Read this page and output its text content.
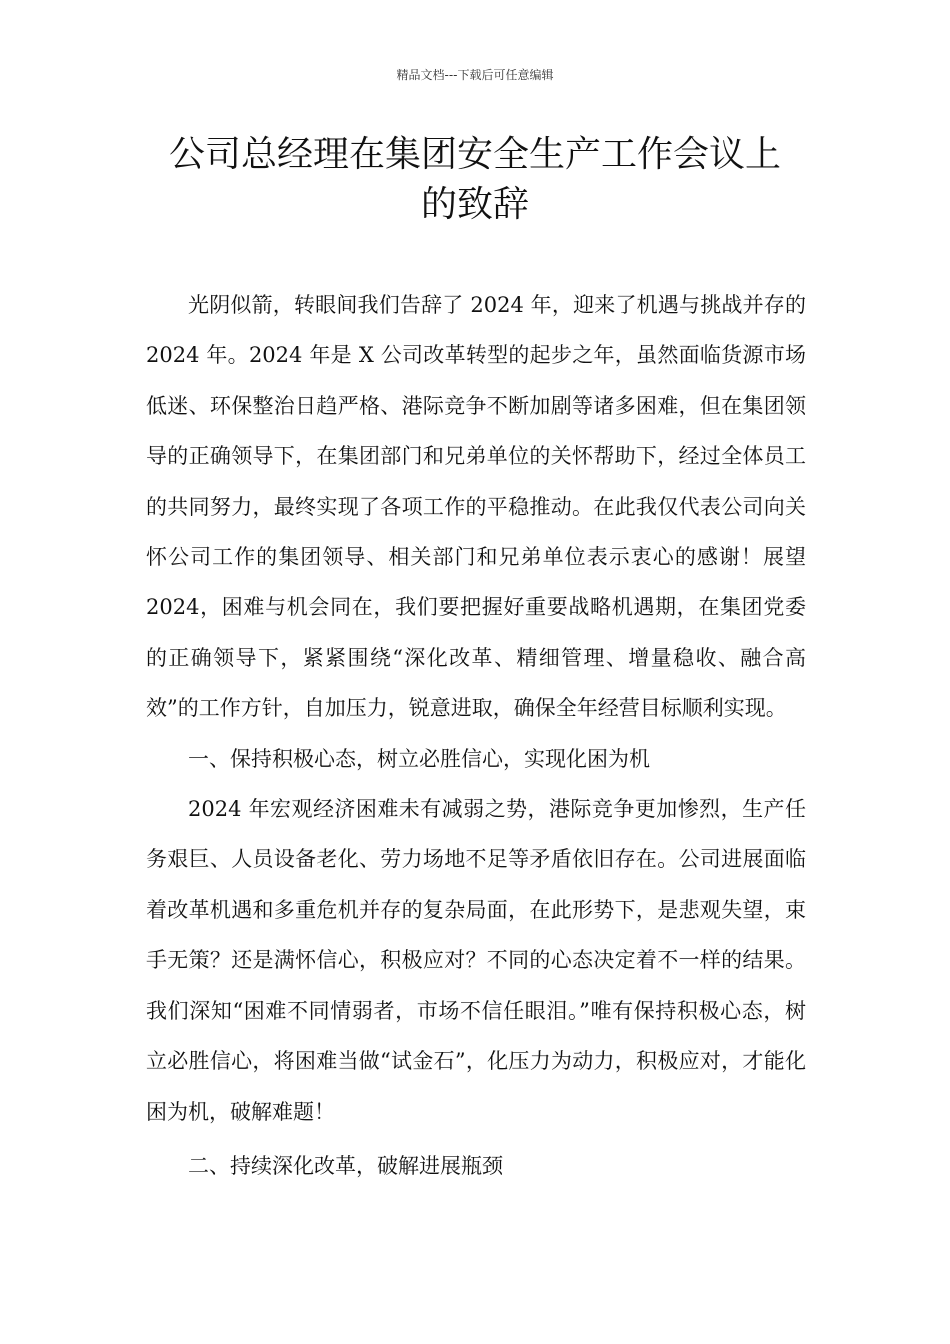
精品文档---下载后可任意编辑
公司总经理在集团安全生产工作会议上
的致辞

光阴似箭，转眼间我们告辞了 2024 年，迎来了机遇与挑战并存的 2024 年。2024 年是 X 公司改革转型的起步之年，虽然面临货源市场低迷、环保整治日趋严格、港际竞争不断加剧等诸多困难，但在集团领导的正确领导下，在集团部门和兄弟单位的关怀帮助下，经过全体员工的共同努力，最终实现了各项工作的平稳推动。在此我仅代表公司向关怀公司工作的集团领导、相关部门和兄弟单位表示衷心的感谢！展望 2024，困难与机会同在，我们要把握好重要战略机遇期，在集团党委的正确领导下，紧紧围绕“深化改革、精细管理、增量稳收、融合高效”的工作方针，自加压力，锐意进取，确保全年经营目标顺利实现。

一、保持积极心态，树立必胜信心，实现化困为机

2024 年宏观经济困难未有减弱之势，港际竞争更加惨烈，生产任务艰巨、人员设备老化、劳力场地不足等矛盾依旧存在。公司进展面临着改革机遇和多重危机并存的复杂局面，在此形势下，是悲观失望，束手无策？还是满怀信心，积极应对？不同的心态决定着不一样的结果。我们深知“困难不同情弱者，市场不信任眼泪。”唯有保持积极心态，树立必胜信心，将困难当做“试金石”，化压力为动力，积极应对，才能化困为机，破解难题！

二、持续深化改革，破解进展瓶颈
